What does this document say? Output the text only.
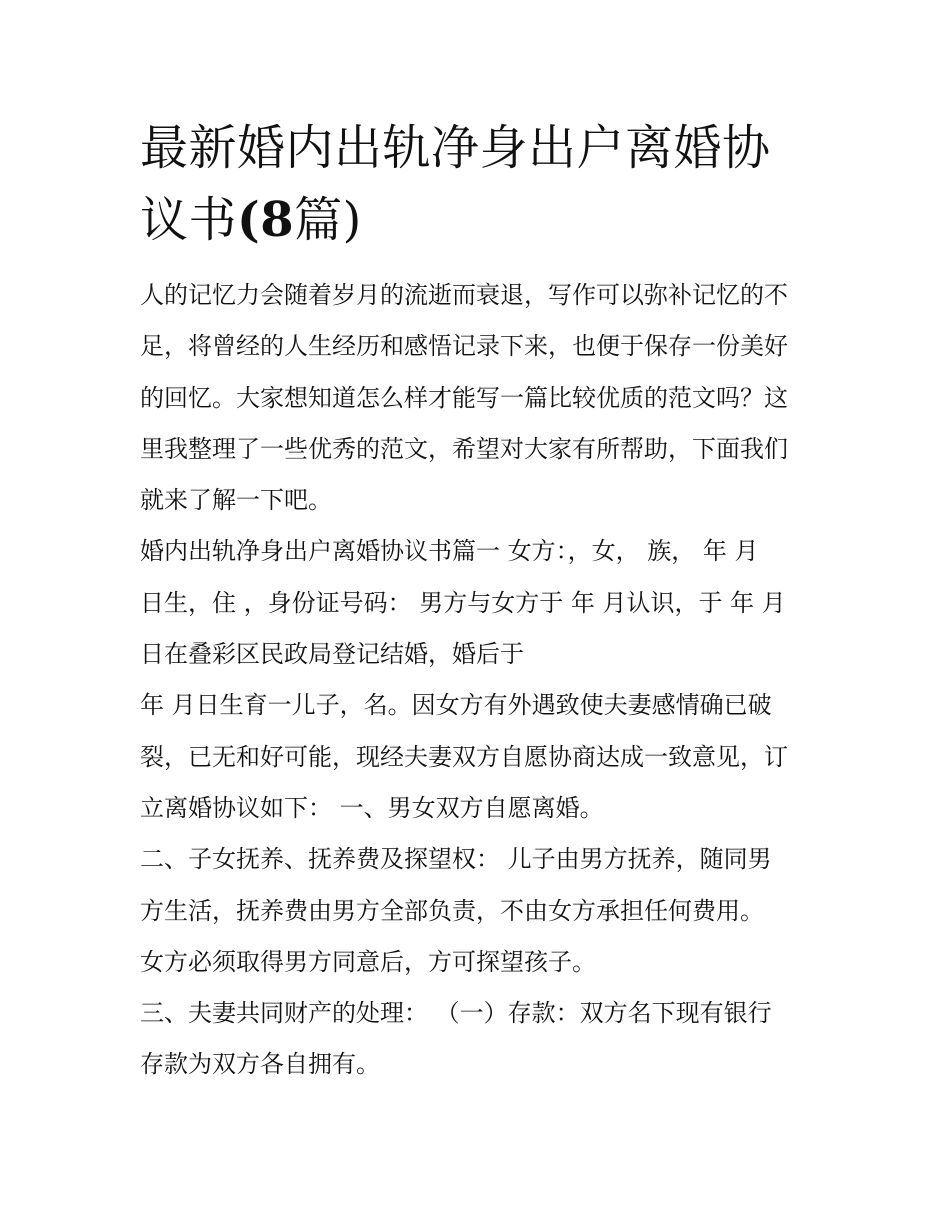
最新婚内出轨净身出户离婚协
议书(8篇)

人的记忆力会随着岁月的流逝而衰退，写作可以弥补记忆的不

足，将曾经的人生经历和感悟记录下来，也便于保存一份美好

的回忆。大家想知道怎么样才能写一篇比较优质的范文吗？这

里我整理了一些优秀的范文，希望对大家有所帮助，下面我们

就来了解一下吧。

婚内出轨净身出户离婚协议书篇一 女方：，女， 族， 年 月

日生，住 ，身份证号码： 男方与女方于 年 月认识，于 年 月

日在叠彩区民政局登记结婚，婚后于

年 月日生育一儿子，名。因女方有外遇致使夫妻感情确已破

裂，已无和好可能，现经夫妻双方自愿协商达成一致意见，订

立离婚协议如下： 一、男女双方自愿离婚。

二、子女抚养、抚养费及探望权： 儿子由男方抚养，随同男

方生活，抚养费由男方全部负责，不由女方承担任何费用。

女方必须取得男方同意后，方可探望孩子。

三、夫妻共同财产的处理： （一）存款：双方名下现有银行

存款为双方各自拥有。
